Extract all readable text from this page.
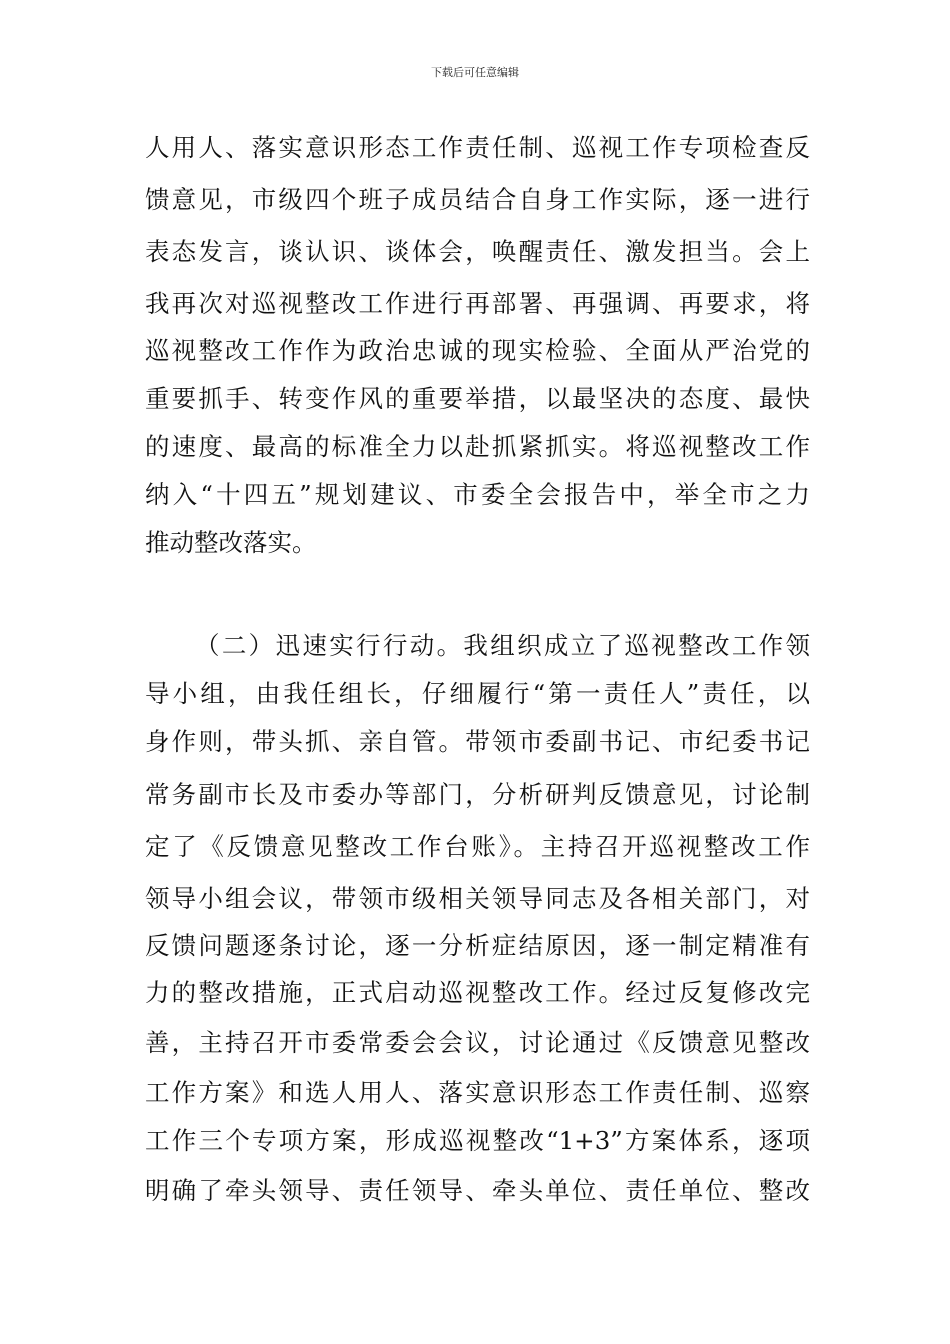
下载后可任意编辑
人用人、落实意识形态工作责任制、巡视工作专项检查反
馈意见，市级四个班子成员结合自身工作实际，逐一进行
表态发言，谈认识、谈体会，唤醒责任、激发担当。会上
我再次对巡视整改工作进行再部署、再强调、再要求，将
巡视整改工作作为政治忠诚的现实检验、全面从严治党的
重要抓手、转变作风的重要举措，以最坚决的态度、最快
的速度、最高的标准全力以赴抓紧抓实。将巡视整改工作
纳入“十四五”规划建议、市委全会报告中，举全市之力
推动整改落实。
（二）迅速实行行动。我组织成立了巡视整改工作领
导小组，由我任组长，仔细履行“第一责任人”责任，以
身作则，带头抓、亲自管。带领市委副书记、市纪委书记
常务副市长及市委办等部门，分析研判反馈意见，讨论制
定了《反馈意见整改工作台账》。主持召开巡视整改工作
领导小组会议，带领市级相关领导同志及各相关部门，对
反馈问题逐条讨论，逐一分析症结原因，逐一制定精准有
力的整改措施，正式启动巡视整改工作。经过反复修改完
善，主持召开市委常委会会议，讨论通过《反馈意见整改
工作方案》和选人用人、落实意识形态工作责任制、巡察
工作三个专项方案，形成巡视整改“1+3”方案体系，逐项
明确了牵头领导、责任领导、牵头单位、责任单位、整改
